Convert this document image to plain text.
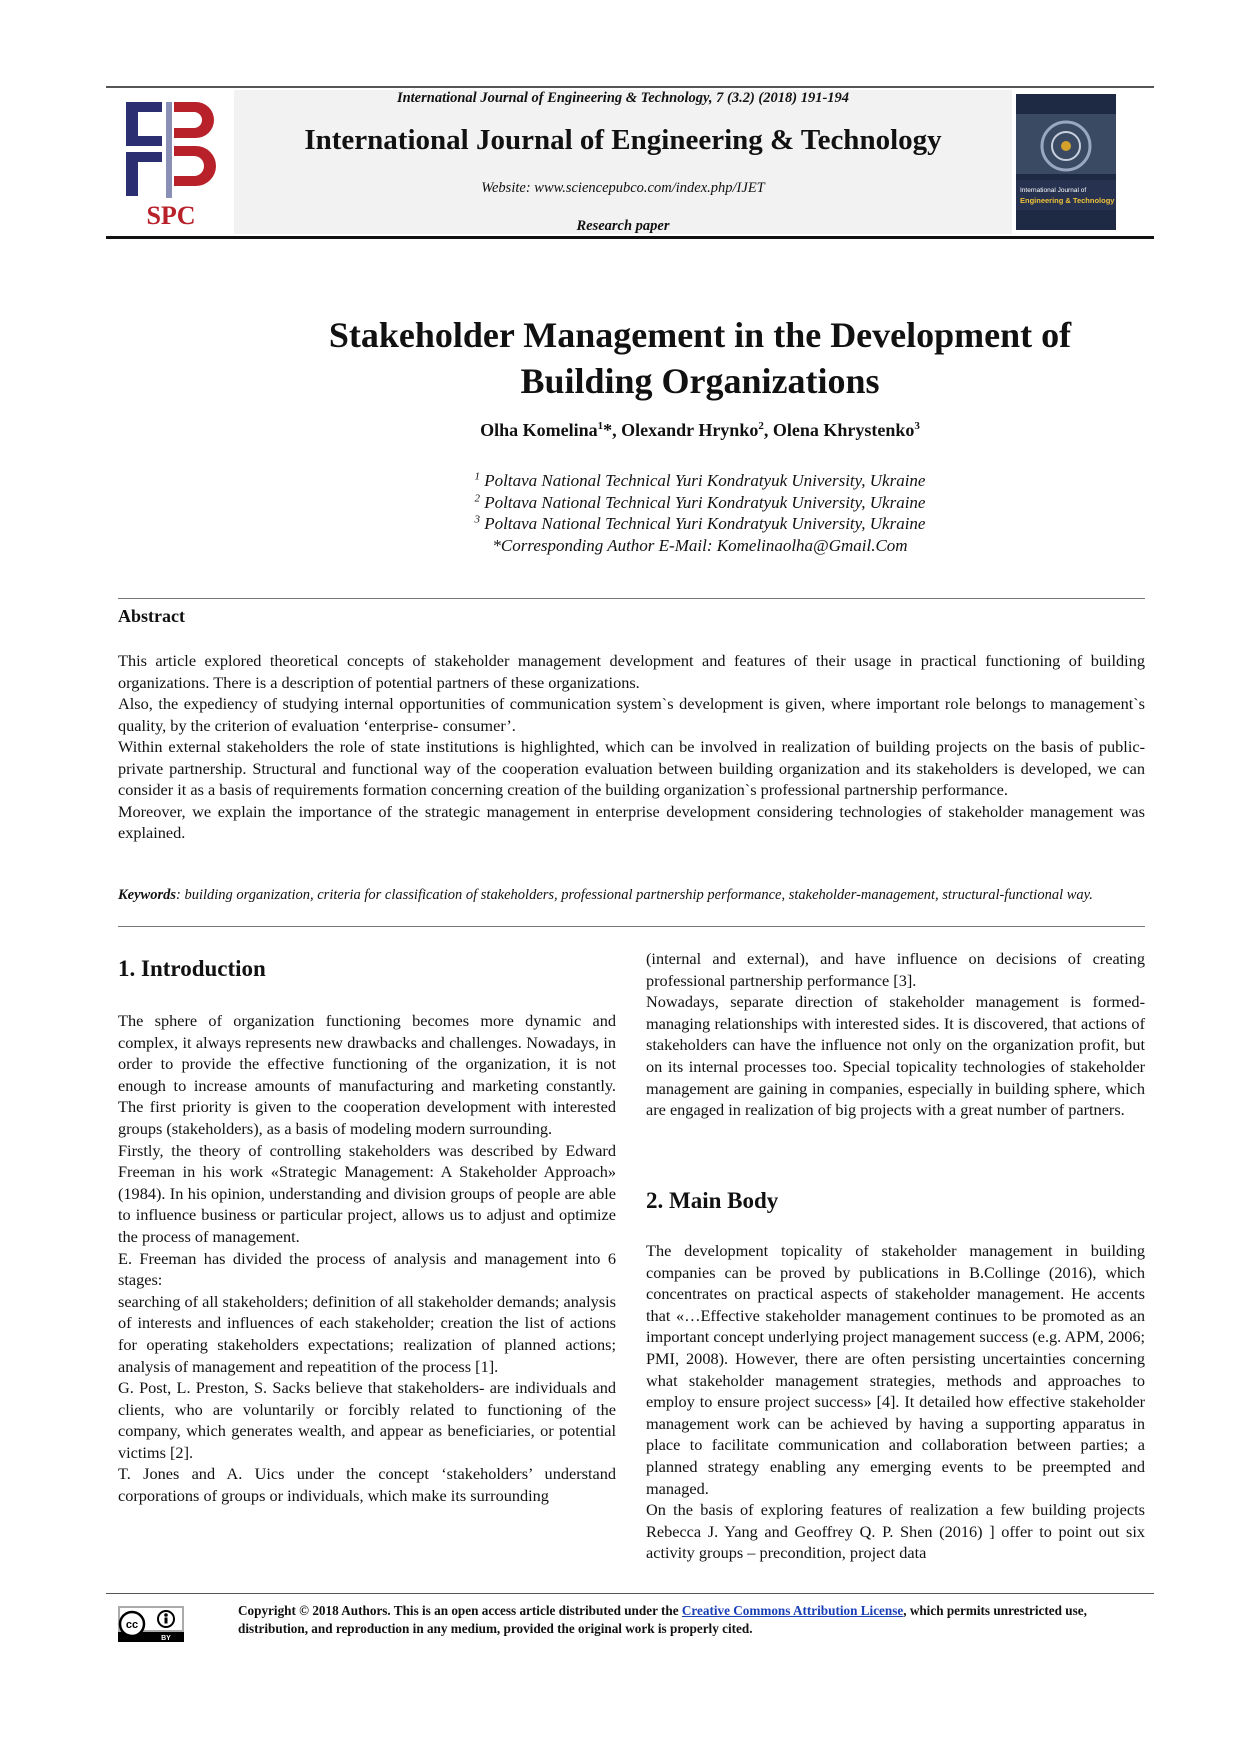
SPC
International Journal of Engineering & Technology, 7 (3.2) (2018) 191-194
International Journal of Engineering & Technology
Website: www.sciencepubco.com/index.php/IJET
Research paper
International Journal of
Engineering & Technology
Stakeholder Management in the Development of
Building Organizations
Olha Komelina$^1$*, Olexandr Hrynko$^2$, Olena Khrystenko$^3$
$^1$ Poltava National Technical Yuri Kondratyuk University, Ukraine
$^2$ Poltava National Technical Yuri Kondratyuk University, Ukraine
$^3$ Poltava National Technical Yuri Kondratyuk University, Ukraine
*Corresponding Author E-Mail: Komelinaolha@Gmail.Com
Abstract

This article explored theoretical concepts of stakeholder management development and features of their usage in practical functioning of building organizations. There is a description of potential partners of these organizations.

Also, the expediency of studying internal opportunities of communication system`s development is given, where important role belongs to management`s quality, by the criterion of evaluation ‘enterprise- consumer’.

Within external stakeholders the role of state institutions is highlighted, which can be involved in realization of building projects on the basis of public-private partnership. Structural and functional way of the cooperation evaluation between building organization and its stakeholders is developed, we can consider it as a basis of requirements formation concerning creation of the building organization`s professional partnership performance.

Moreover, we explain the importance of the strategic management in enterprise development considering technologies of stakeholder management was explained.

Keywords: building organization, criteria for classification of stakeholders, professional partnership performance, stakeholder-management, structural-functional way.
1. Introduction

The sphere of organization functioning becomes more dynamic and complex, it always represents new drawbacks and challenges. Nowadays, in order to provide the effective functioning of the organization, it is not enough to increase amounts of manufacturing and marketing constantly. The first priority is given to the cooperation development with interested groups (stakeholders), as a basis of modeling modern surrounding.

Firstly, the theory of controlling stakeholders was described by Edward Freeman in his work «Strategic Management: A Stakeholder Approach» (1984). In his opinion, understanding and division groups of people are able to influence business or particular project, allows us to adjust and optimize the process of management.

E. Freeman has divided the process of analysis and management into 6 stages:

searching of all stakeholders; definition of all stakeholder demands; analysis of interests and influences of each stakeholder; creation the list of actions for operating stakeholders expectations; realization of planned actions; analysis of management and repeatition of the process [1].

G. Post, L. Preston, S. Sacks believe that stakeholders- are individuals and clients, who are voluntarily or forcibly related to functioning of the company, which generates wealth, and appear as beneficiaries, or potential victims [2].

T. Jones and A. Uics under the concept ‘stakeholders’ understand corporations of groups or individuals, which make its surrounding

(internal and external), and have influence on decisions of creating professional partnership performance [3].

Nowadays, separate direction of stakeholder management is formed- managing relationships with interested sides. It is discovered, that actions of stakeholders can have the influence not only on the organization profit, but on its internal processes too. Special topicality technologies of stakeholder management are gaining in companies, especially in building sphere, which are engaged in realization of big projects with a great number of partners.

2. Main Body

The development topicality of stakeholder management in building companies can be proved by publications in B.Collinge (2016), which concentrates on practical aspects of stakeholder management. He accents that «…Effective stakeholder management continues to be promoted as an important concept underlying project management success (e.g. APM, 2006; PMI, 2008). However, there are often persisting uncertainties concerning what stakeholder management strategies, methods and approaches to employ to ensure project success» [4]. It detailed how effective stakeholder management work can be achieved by having a supporting apparatus in place to facilitate communication and collaboration between parties; a planned strategy enabling any emerging events to be preempted and managed.

On the basis of exploring features of realization a few building projects Rebecca J. Yang and Geoffrey Q. P. Shen (2016) ] offer to point out six activity groups – precondition, project data

cc
BY
Copyright © 2018 Authors. This is an open access article distributed under the Creative Commons Attribution License, which permits unrestricted use, distribution, and reproduction in any medium, provided the original work is properly cited.
